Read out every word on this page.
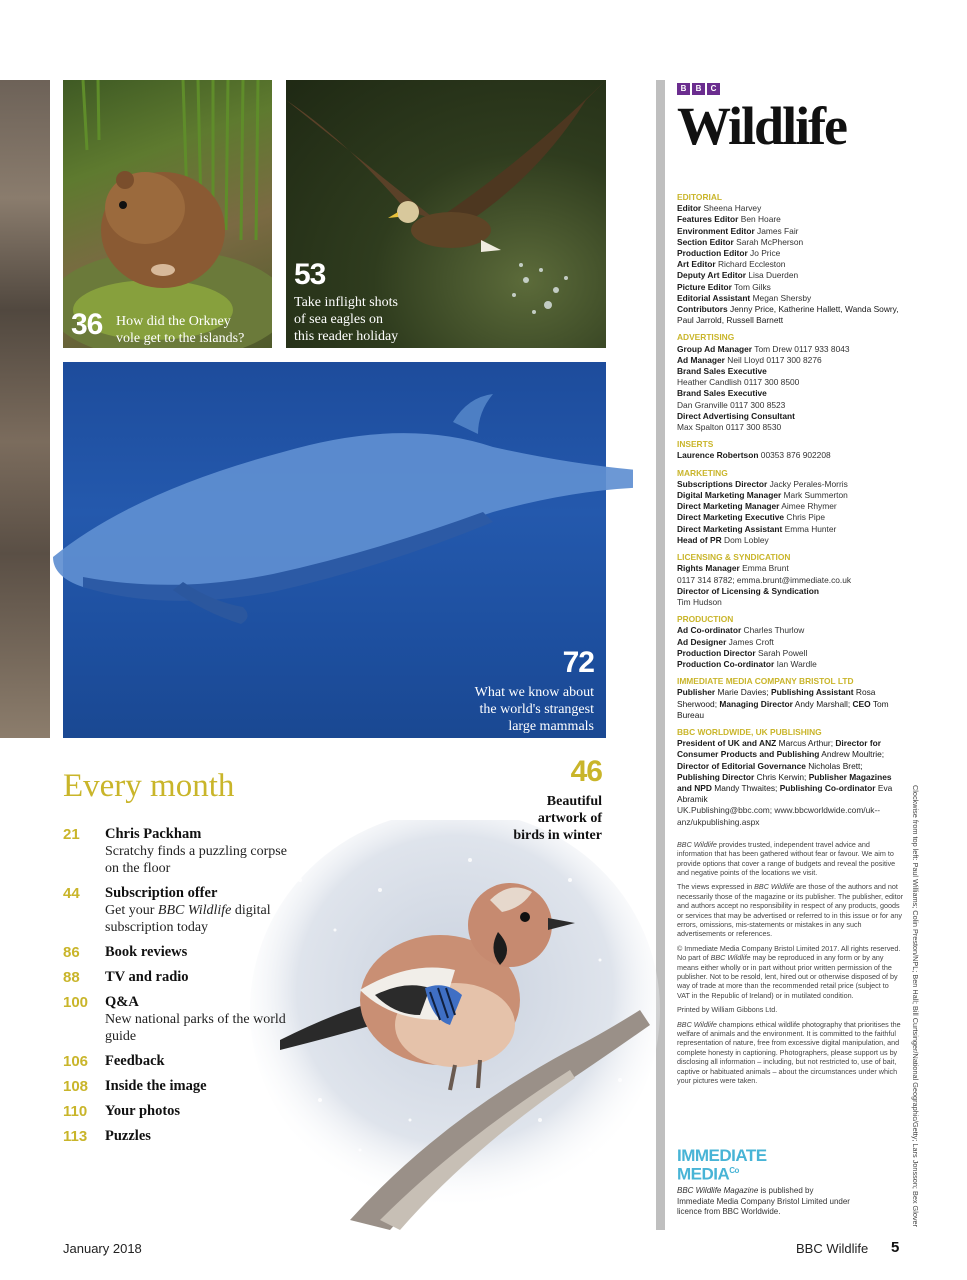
36 How did the Orkney
vole get to the islands?
53
Take inflight shots
of sea eagles on
this reader holiday
72
What we know about
the world's strangest
large mammals
B	B	C
Wildlife
EDITORIAL
Editor Sheena Harvey
Features Editor Ben Hoare
Environment Editor James Fair
Section Editor Sarah McPherson
Production Editor Jo Price
Art Editor Richard Eccleston
Deputy Art Editor Lisa Duerden
Picture Editor Tom Gilks
Editorial Assistant Megan Shersby
Contributors Jenny Price, Katherine Hallett, Wanda Sowry, Paul Jarrold, Russell Barnett
ADVERTISING
Group Ad Manager Tom Drew 0117 933 8043
Ad Manager Neil Lloyd 0117 300 8276
Brand Sales Executive
Heather Candlish 0117 300 8500
Brand Sales Executive
Dan Granville 0117 300 8523
Direct Advertising Consultant
Max Spalton 0117 300 8530
INSERTS
Laurence Robertson 00353 876 902208
MARKETING
Subscriptions Director Jacky Perales-Morris
Digital Marketing Manager Mark Summerton
Direct Marketing Manager Aimee Rhymer
Direct Marketing Executive Chris Pipe
Direct Marketing Assistant Emma Hunter
Head of PR Dom Lobley
LICENSING & SYNDICATION
Rights Manager Emma Brunt
0117 314 8782; emma.brunt@immediate.co.uk
Director of Licensing & Syndication
Tim Hudson
PRODUCTION
Ad Co-ordinator Charles Thurlow
Ad Designer James Croft
Production Director Sarah Powell
Production Co-ordinator Ian Wardle
IMMEDIATE MEDIA COMPANY BRISTOL LTD
Publisher Marie Davies; Publishing Assistant Rosa Sherwood; Managing Director Andy Marshall; CEO Tom Bureau
BBC WORLDWIDE, UK PUBLISHING
President of UK and ANZ Marcus Arthur; Director for Consumer Products and Publishing Andrew Moultrie; Director of Editorial Governance Nicholas Brett; Publishing Director Chris Kerwin; Publisher Magazines and NPD Mandy Thwaites; Publishing Co-ordinator Eva Abramik
UK.Publishing@bbc.com; www.bbcworldwide.com/uk--anz/ukpublishing.aspx
BBC Wildlife provides trusted, independent travel advice and information that has been gathered without fear or favour. We aim to provide options that cover a range of budgets and reveal the positive and negative points of the locations we visit.
The views expressed in BBC Wildlife are those of the authors and not necessarily those of the magazine or its publisher. The publisher, editor and authors accept no responsibility in respect of any products, goods or services that may be advertised or referred to in this issue or for any errors, omissions, mis-statements or mistakes in any such advertisements or references.
© Immediate Media Company Bristol Limited 2017. All rights reserved. No part of BBC Wildlife may be reproduced in any form or by any means either wholly or in part without prior written permission of the publisher. Not to be resold, lent, hired out or otherwise disposed of by way of trade at more than the recommended retail price (subject to VAT in the Republic of Ireland) or in mutilated condition.
Printed by William Gibbons Ltd.
BBC Wildlife champions ethical wildlife photography that prioritises the welfare of animals and the environment. It is committed to the faithful representation of nature, free from excessive digital manipulation, and complete honesty in captioning. Photographers, please support us by disclosing all information – including, but not restricted to, use of bait, captive or habituated animals – about the circumstances under which your pictures were taken.	Clockwise from top left: Paul Williams; Colin Preston/NPL; Ben Hall; Bill Curtsinger/National Geographic/Getty; Lars Jonsson; Bex Glover
IMMEDIATE
$MEDIA^{Co}$
BBC Wildlife Magazine is published by Immediate Media Company Bristol Limited under licence from BBC Worldwide.
46
Beautiful
artwork of
birds in winter
Every month
21	Chris Packham
Scratchy finds a puzzling corpse on the floor
44	Subscription offer
Get your BBC Wildlife digital subscription today
86	Book reviews
88	TV and radio
100	Q&A
New national parks of the world guide
106	Feedback
108	Inside the image
110	Your photos
113	Puzzles
January 2018	BBC Wildlife 5
